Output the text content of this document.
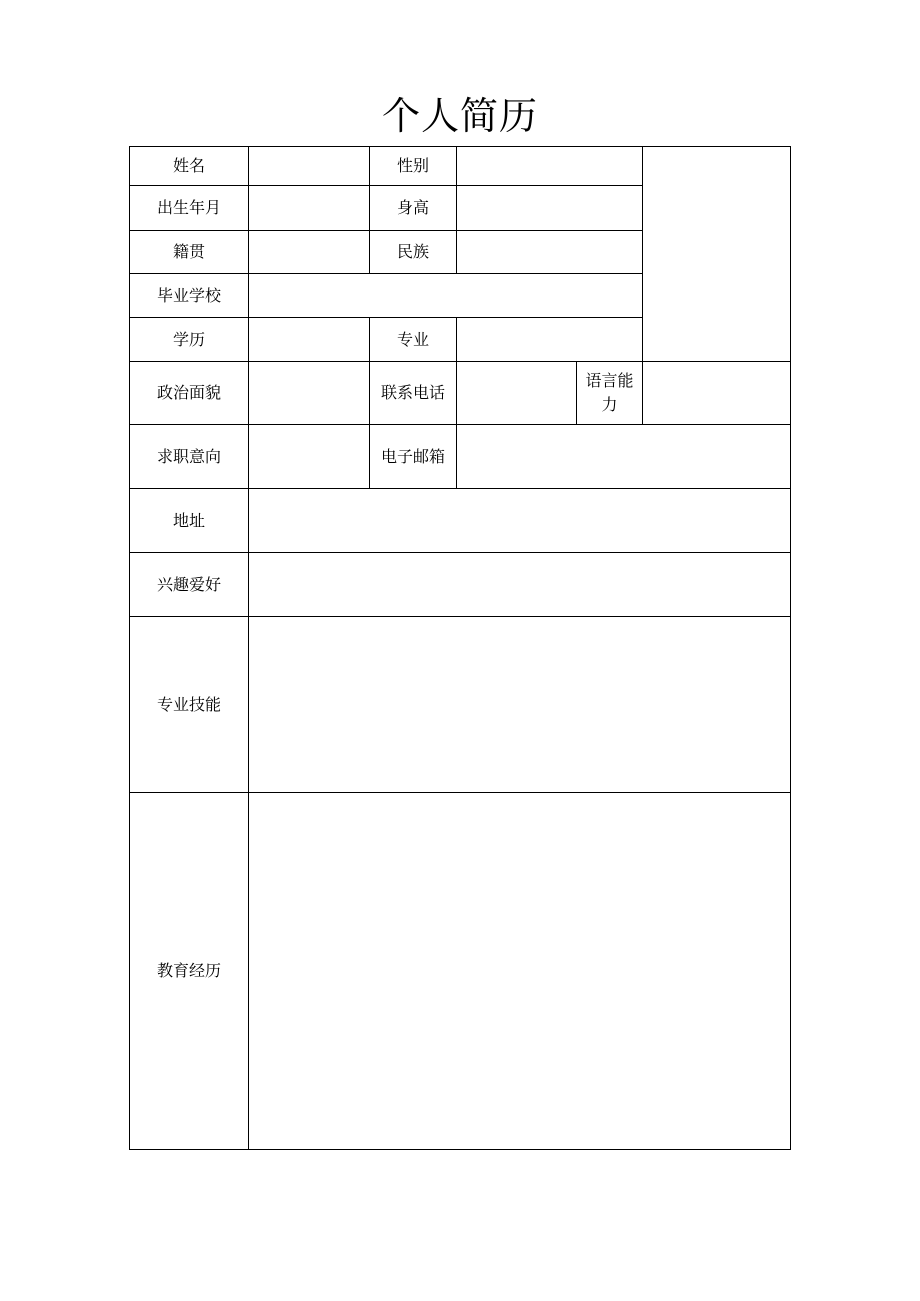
个人简历
姓名		性别			
出生年月		身高			
籍贯		民族			
毕业学校					
学历		专业			
政治面貌		联系电话		语言能力	
求职意向		电子邮箱			
地址					
兴趣爱好					
专业技能					
教育经历					
